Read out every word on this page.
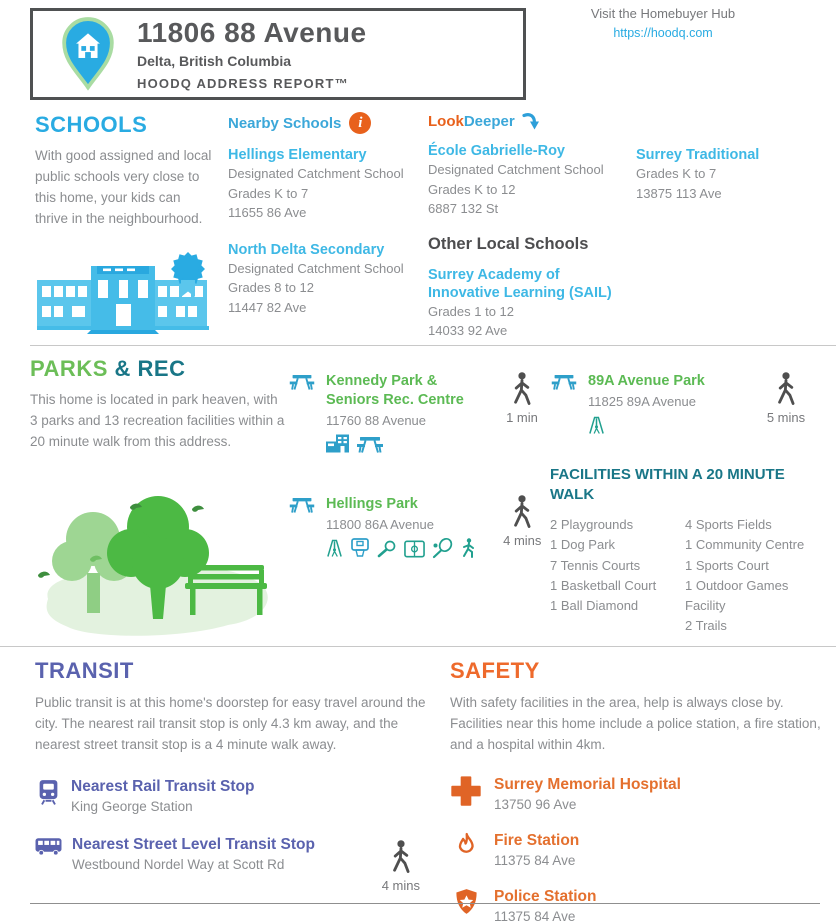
11806 88 Avenue
Delta, British Columbia
HOODQ ADDRESS REPORT™
Visit the Homebuyer Hub
https://hoodq.com
SCHOOLS
With good assigned and local public schools very close to this home, your kids can thrive in the neighbourhood.
Nearby Schools	i
Hellings Elementary
Designated Catchment School
Grades K to 7
11655 86 Ave
North Delta Secondary
Designated Catchment School
Grades 8 to 12
11447 82 Ave
LookDeeper
École Gabrielle-Roy
Designated Catchment School
Grades K to 12
6887 132 St
Other Local Schools
Surrey Academy of Innovative Learning (SAIL)
Grades 1 to 12
14033 92 Ave
Surrey Traditional
Grades K to 7
13875 113 Ave
PARKS & REC
This home is located in park heaven, with 3 parks and 13 recreation facilities within a 20 minute walk from this address.
Kennedy Park & Seniors Rec. Centre
11760 88 Avenue	1 min
Hellings Park
11800 86A Avenue
4 mins
89A Avenue Park
11825 89A Avenue
5 mins
FACILITIES WITHIN A 20 MINUTE WALK
2 Playgrounds
1 Dog Park
7 Tennis Courts
1 Basketball Court
1 Ball Diamond
4 Sports Fields
1 Community Centre
1 Sports Court
1 Outdoor Games Facility
2 Trails
TRANSIT
Public transit is at this home's doorstep for easy travel around the city. The nearest rail transit stop is only 4.3 km away, and the nearest street transit stop is a 4 minute walk away.
Nearest Rail Transit Stop
King George Station
Nearest Street Level Transit Stop
Westbound Nordel Way at Scott Rd
4 mins
SAFETY
With safety facilities in the area, help is always close by. Facilities near this home include a police station, a fire station, and a hospital within 4km.
Surrey Memorial Hospital
13750 96 Ave
Fire Station
11375 84 Ave
Police Station
11375 84 Ave
